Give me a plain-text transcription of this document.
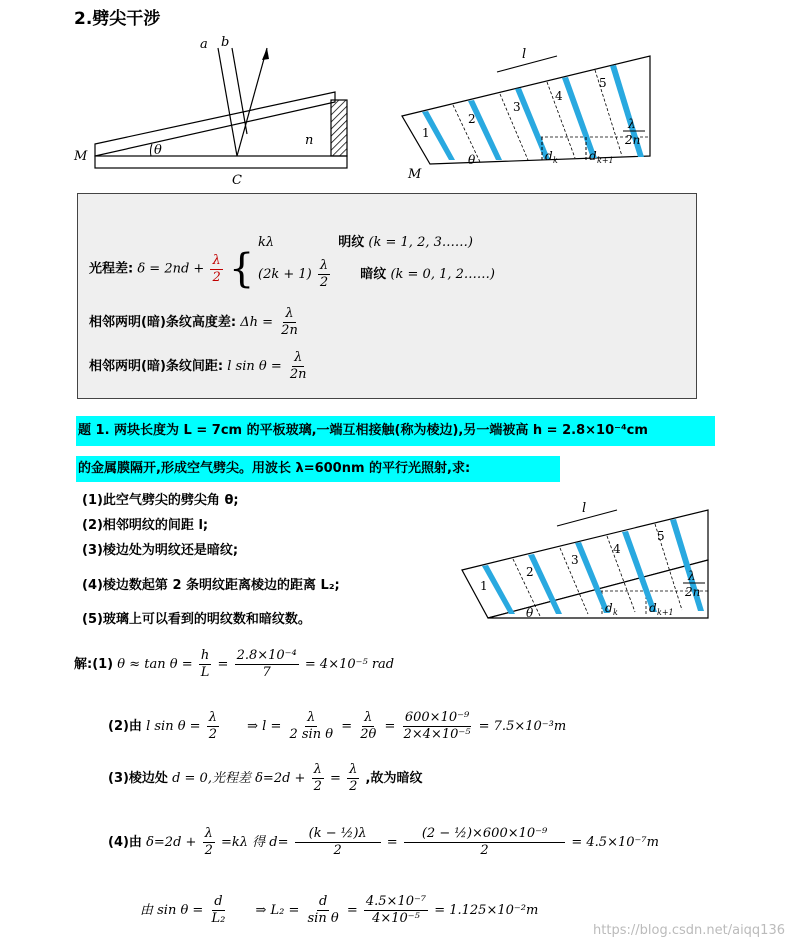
2.劈尖干涉
a b
M	θ
n
C
l
1
2
3
4
5
θ
M
d k	d k+1
λ
2n
光程差: $\delta = 2nd + \frac{\lambda}{2}$ {
kλ	明纹 (k = 1, 2, 3……)
$(2k + 1) \frac{\lambda}{2}$ 暗纹 (k = 0, 1, 2……)
相邻两明(暗)条纹高度差: $\Delta h = \frac{\lambda}{2n}$
相邻两明(暗)条纹间距: l $\sin \theta = \frac{\lambda}{2n}$
题 1. 两块长度为 L = 7cm 的平板玻璃,一端互相接触(称为棱边),另一端被高 h = 2.8×10⁻⁴cm
的金属膜隔开,形成空气劈尖。用波长 λ=600nm 的平行光照射,求:
(1)此空气劈尖的劈尖角 θ;
(2)相邻明纹的间距 l;
(3)棱边处为明纹还是暗纹;
(4)棱边数起第 2 条明纹距离棱边的距离 L₂;
(5)玻璃上可以看到的明纹数和暗纹数。
l
1
2
3
4
5
θ	d k	d k+1
λ
2n
解:(1) $\theta \approx \tan \theta = \frac{h}{L} = \frac{\text{2.8×10⁻⁴}}{7} = 4\times 10^{-5}$ rad
(2)由 l $\sin \theta = \frac{\lambda}{2}$ ⇒ $l = \frac{\lambda}{\text{2 sin θ}} = \frac{\lambda}{2\theta} = \frac{\text{600×10⁻⁹}}{\text{2×4×10⁻⁵}} = 7.5\times 10^{-3}m$
(3)棱边处 d = 0,光程差 $\delta=2d + \frac{\lambda}{2} = \frac{\lambda}{2}$ ,故为暗纹
(4)由 $\delta=2d + \frac{\lambda}{2} =k\lambda$ 得 $d= \frac{\text{(k − ½)λ}}{2} = \frac{\text{(2 − ½)×600×10⁻⁹}}{2} = 4.5\times 10^{-7}m$
由 $\sin \theta = \frac{d}{\text{L₂}}$ ⇒ $L_2 = \frac{d}{\text{sin θ}} = \frac{\text{4.5×10⁻⁷}}{\text{4×10⁻⁵}} = 1.125\times 10^{-2}m$
https://blog.csdn.net/aiqq136
